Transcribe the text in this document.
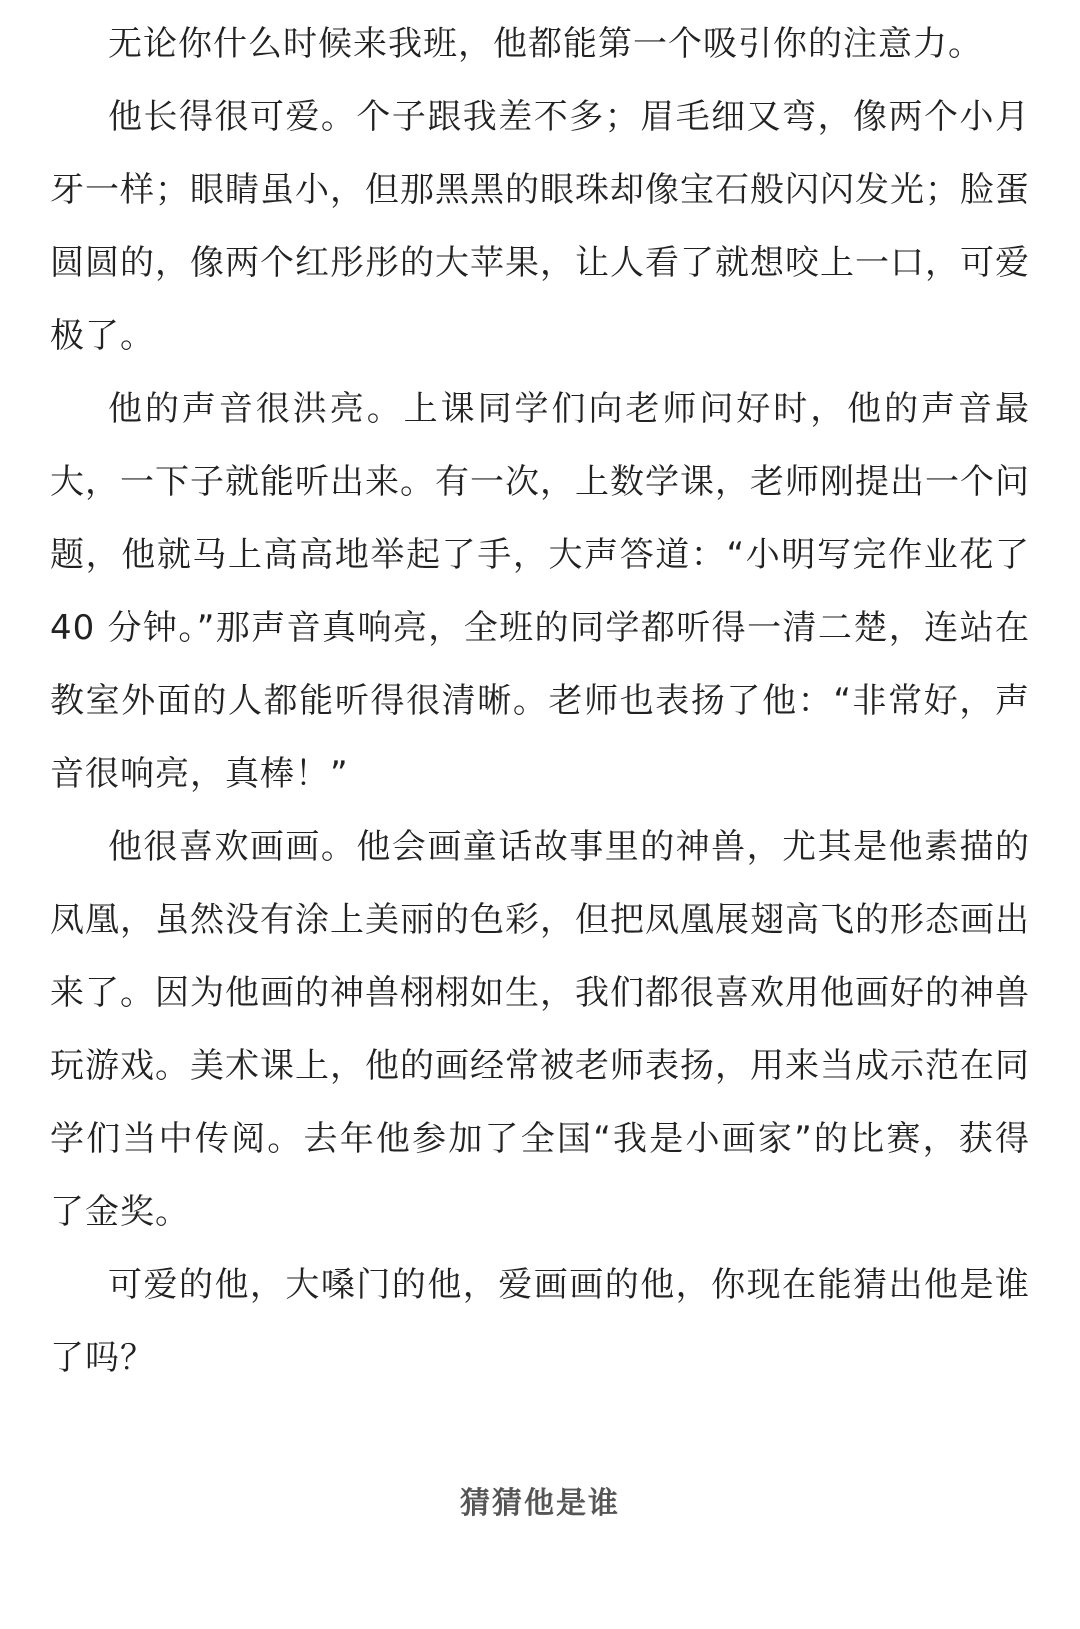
无论你什么时候来我班，他都能第一个吸引你的注意力。

他长得很可爱。个子跟我差不多；眉毛细又弯，像两个小月牙一样；眼睛虽小，但那黑黑的眼珠却像宝石般闪闪发光；脸蛋圆圆的，像两个红彤彤的大苹果，让人看了就想咬上一口，可爱极了。

他的声音很洪亮。上课同学们向老师问好时，他的声音最大，一下子就能听出来。有一次，上数学课，老师刚提出一个问题，他就马上高高地举起了手，大声答道：“小明写完作业花了 40 分钟。”那声音真响亮，全班的同学都听得一清二楚，连站在教室外面的人都能听得很清晰。老师也表扬了他：“非常好，声音很响亮，真棒！”

他很喜欢画画。他会画童话故事里的神兽，尤其是他素描的凤凰，虽然没有涂上美丽的色彩，但把凤凰展翅高飞的形态画出来了。因为他画的神兽栩栩如生，我们都很喜欢用他画好的神兽玩游戏。美术课上，他的画经常被老师表扬，用来当成示范在同学们当中传阅。去年他参加了全国“我是小画家”的比赛，获得了金奖。

可爱的他，大嗓门的他，爱画画的他，你现在能猜出他是谁了吗？

猜猜他是谁
